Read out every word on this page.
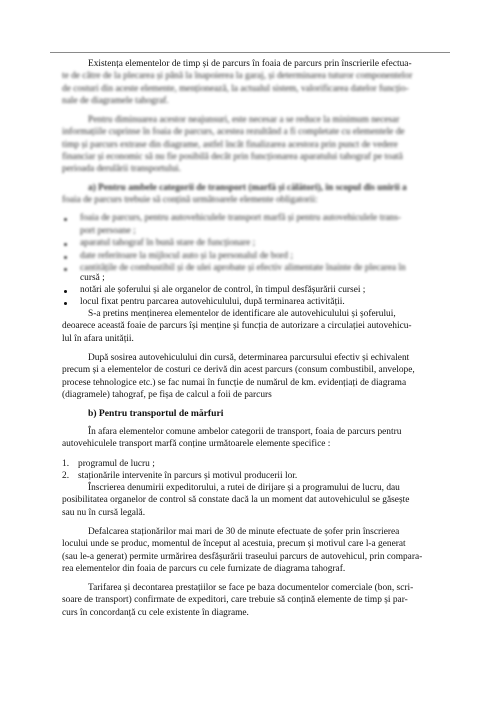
Existența elementelor de timp și de parcurs în foaia de parcurs prin înscrierile efectua-
te de către de la plecarea și până la înapoierea la garaj, și determinarea tuturor componentelor
de costuri din aceste elemente, menționează, la actualul sistem, valorificarea datelor funcțio-
nale de diagramele tahograf.
Pentru diminuarea acestor neajunsuri, este necesar a se reduce la minimum necesar
informațiile cuprinse în foaia de parcurs, acestea rezultând a fi completate cu elementele de
timp și parcurs extrase din diagrame, astfel încât finalizarea acestora prin punct de vedere
financiar și economic să nu fie posibilă decât prin funcționarea aparatului tahograf pe toată
perioada derulării transportului.
a) Pentru ambele categorii de transport (marfă și călători), în scopul dis unirii a
foaia de parcurs trebuie să conțină următoarele elemente obligatorii:
foaia de parcurs, pentru autovehiculele transport marfă și pentru autovehiculele trans-
port persoane ;
aparatul tahograf în bună stare de funcționare ;
date referitoare la mijlocul auto și la personalul de bord ;
cantitățile de combustibil și de ulei aprobate și efectiv alimentate înainte de plecarea în
cursă ;
notări ale șoferului și ale organelor de control, în timpul desfășurării cursei ;
locul fixat pentru parcarea autovehiculului, după terminarea activității.
S-a pretins menținerea elementelor de identificare ale autovehiculului și șoferului,
deoarece această foaie de parcurs își menține și funcția de autorizare a circulației autovehicu-
lul în afara unității.
După sosirea autovehiculului din cursă, determinarea parcursului efectiv și echivalent
precum și a elementelor de costuri ce derivă din acest parcurs (consum combustibil, anvelope,
procese tehnologice etc.) se fac numai în funcție de numărul de km. evidențiați de diagrama
(diagramele) tahograf, pe fișa de calcul a foii de parcurs
b) Pentru transportul de mărfuri
În afara elementelor comune ambelor categorii de transport, foaia de parcurs pentru
autovehiculele transport marfă conține următoarele elemente specifice :
1. programul de lucru ;
2. staționările intervenite în parcurs și motivul producerii lor.
Înscrierea denumirii expeditorului, a rutei de dirijare și a programului de lucru, dau
posibilitatea organelor de control să constate dacă la un moment dat autovehiculul se găsește
sau nu în cursă legală.
Defalcarea staționărilor mai mari de 30 de minute efectuate de șofer prin înscrierea
locului unde se produc, momentul de început al acestuia, precum și motivul care l-a generat
(sau le-a generat) permite urmărirea desfășurării traseului parcurs de autovehicul, prin compara-
rea elementelor din foaia de parcurs cu cele furnizate de diagrama tahograf.
Tarifarea și decontarea prestațiilor se face pe baza documentelor comerciale (bon, scri-
soare de transport) confirmate de expeditori, care trebuie să conțină elemente de timp și par-
curs în concordanță cu cele existente în diagrame.
